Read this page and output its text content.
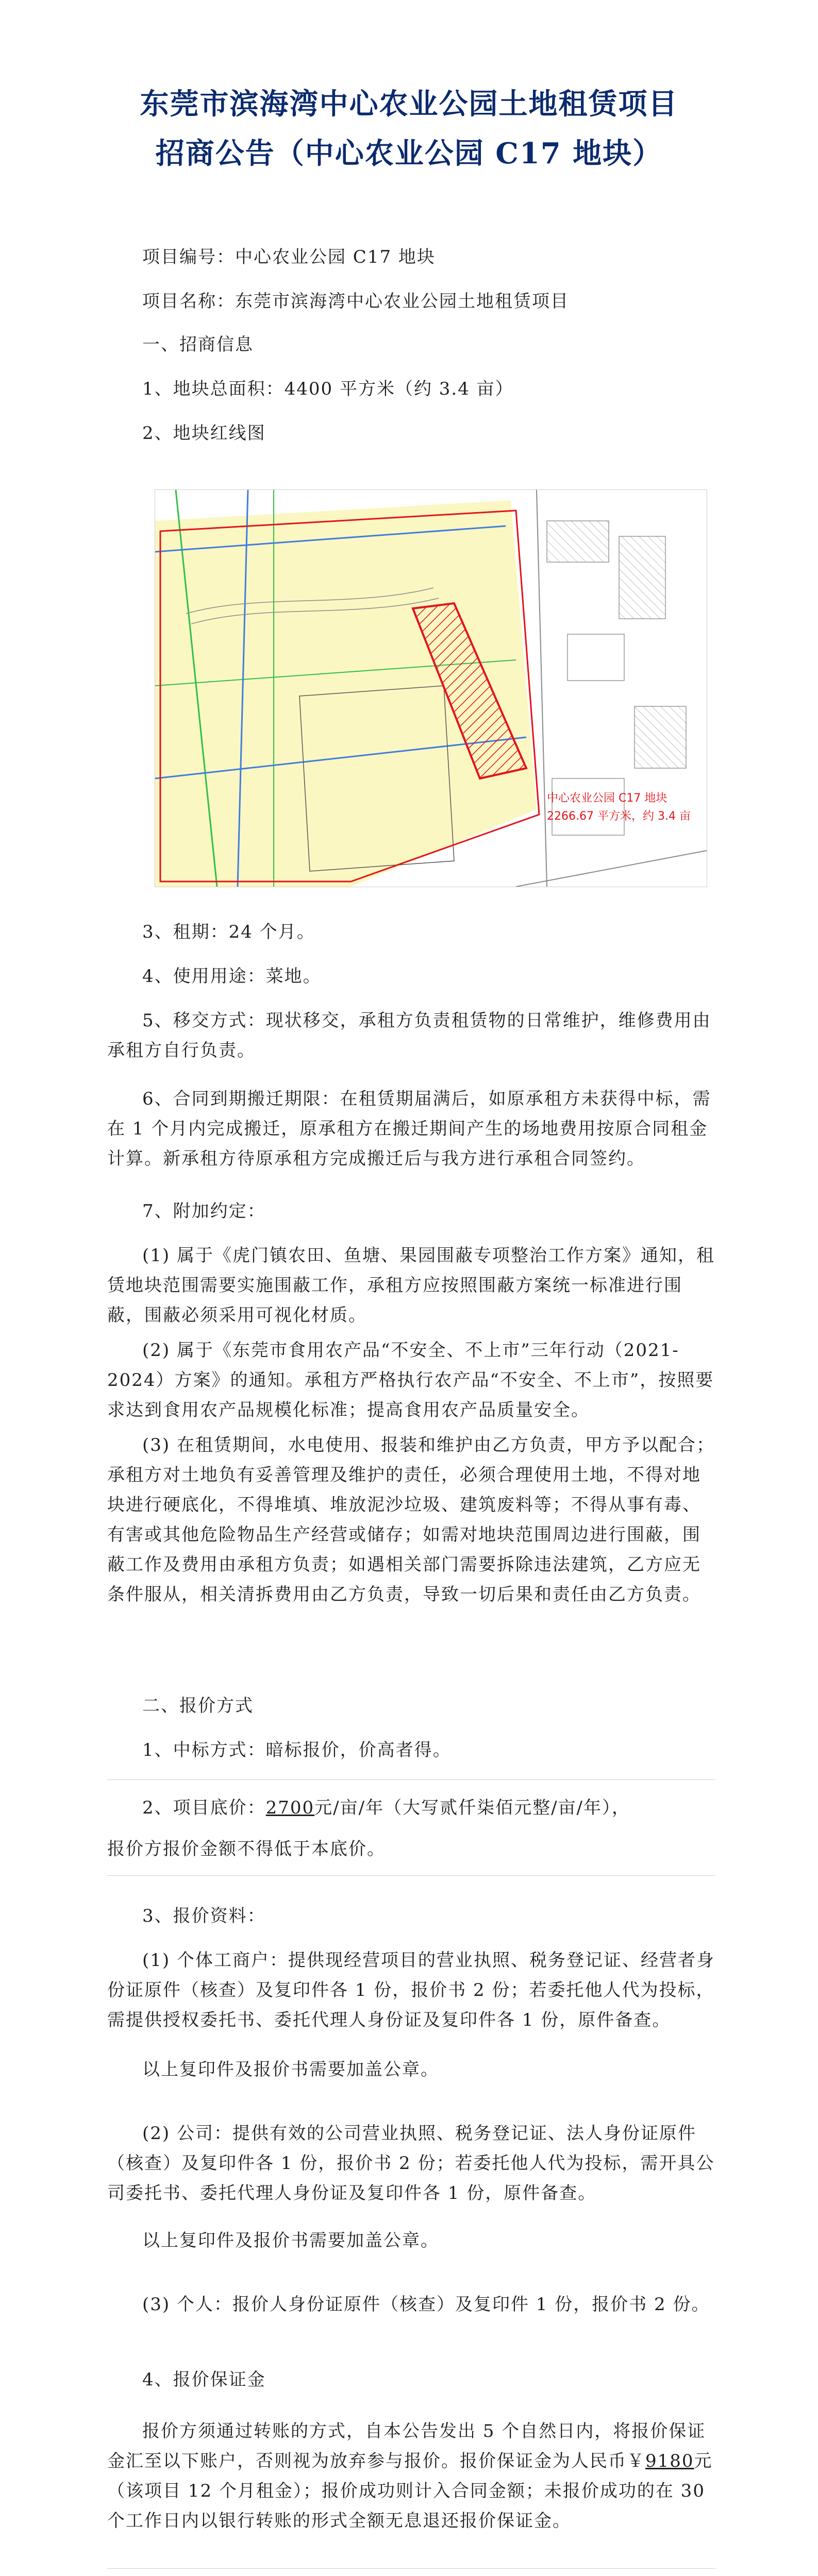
东莞市滨海湾中心农业公园土地租赁项目
招商公告（中心农业公园 C17 地块）

项目编号：中心农业公园 C17 地块

项目名称：东莞市滨海湾中心农业公园土地租赁项目

一、招商信息

1、地块总面积：4400 平方米（约 3.4 亩）

2、地块红线图

中心农业公园 C17 地块
2266.67 平方米，约 3.4 亩

3、租期：24 个月。

4、使用用途：菜地。

5、移交方式：现状移交，承租方负责租赁物的日常维护，维修费用由承租方自行负责。

6、合同到期搬迁期限：在租赁期届满后，如原承租方未获得中标，需在 1 个月内完成搬迁，原承租方在搬迁期间产生的场地费用按原合同租金计算。新承租方待原承租方完成搬迁后与我方进行承租合同签约。

7、附加约定：

(1) 属于《虎门镇农田、鱼塘、果园围蔽专项整治工作方案》通知，租赁地块范围需要实施围蔽工作，承租方应按照围蔽方案统一标准进行围蔽，围蔽必须采用可视化材质。

(2) 属于《东莞市食用农产品“不安全、不上市”三年行动（2021-2024）方案》的通知。承租方严格执行农产品“不安全、不上市”，按照要求达到食用农产品规模化标准；提高食用农产品质量安全。

(3) 在租赁期间，水电使用、报装和维护由乙方负责，甲方予以配合；承租方对土地负有妥善管理及维护的责任，必须合理使用土地，不得对地块进行硬底化，不得堆填、堆放泥沙垃圾、建筑废料等；不得从事有毒、有害或其他危险物品生产经营或储存；如需对地块范围周边进行围蔽，围蔽工作及费用由承租方负责；如遇相关部门需要拆除违法建筑，乙方应无条件服从，相关清拆费用由乙方负责，导致一切后果和责任由乙方负责。

二、报价方式

1、中标方式：暗标报价，价高者得。

2、项目底价：2700元/亩/年（大写贰仟柒佰元整/亩/年），

报价方报价金额不得低于本底价。

3、报价资料：

(1) 个体工商户：提供现经营项目的营业执照、税务登记证、经营者身份证原件（核查）及复印件各 1 份，报价书 2 份；若委托他人代为投标，需提供授权委托书、委托代理人身份证及复印件各 1 份，原件备查。

以上复印件及报价书需要加盖公章。

(2) 公司：提供有效的公司营业执照、税务登记证、法人身份证原件（核查）及复印件各 1 份，报价书 2 份；若委托他人代为投标，需开具公司委托书、委托代理人身份证及复印件各 1 份，原件备查。

以上复印件及报价书需要加盖公章。

(3) 个人：报价人身份证原件（核查）及复印件 1 份，报价书 2 份。

4、报价保证金

报价方须通过转账的方式，自本公告发出 5 个自然日内，将报价保证金汇至以下账户，否则视为放弃参与报价。报价保证金为人民币￥9180元（该项目 12 个月租金）；报价成功则计入合同金额；未报价成功的在 30 个工作日内以银行转账的形式全额无息退还报价保证金。
